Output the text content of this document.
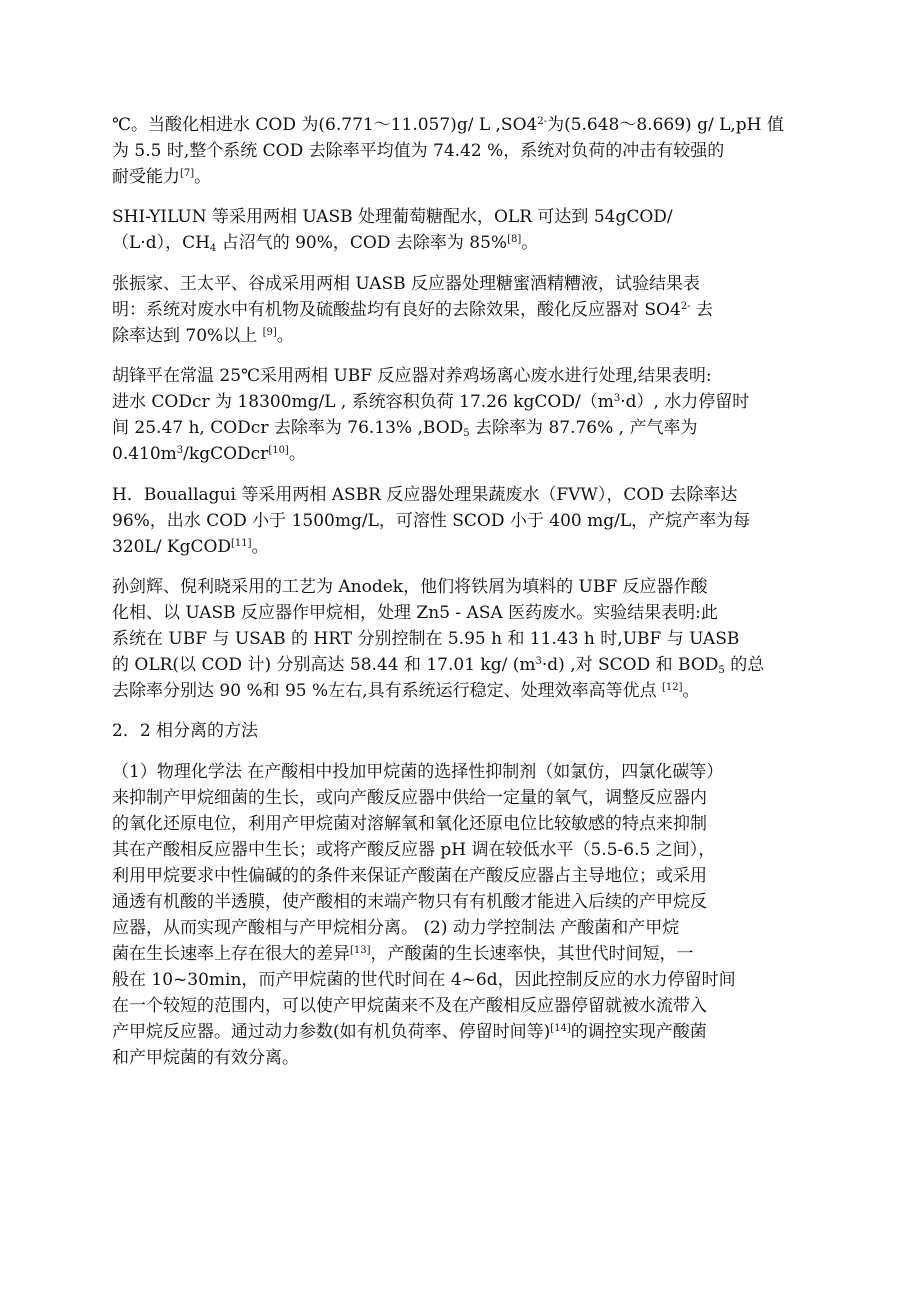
℃。当酸化相进水 COD 为(6.771～11.057)g/ L $,SO4^{2-}$为(5.648～8.669) g/ L,pH 值
为 5.5 时,整个系统 COD 去除率平均值为 74.42 %，系统对负荷的冲击有较强的
耐受能力[7]。
SHI-YILUN 等采用两相 UASB 处理葡萄糖配水，OLR 可达到 54gCOD/
（L·d），$CH_4$ 占沼气的 90%，COD 去除率为 85%[8]。
张振家、王太平、谷成采用两相 UASB 反应器处理糖蜜酒精糟液，试验结果表
明：系统对废水中有机物及硫酸盐均有良好的去除效果，酸化反应器对 $SO4^{2-}$ 去
除率达到 70%以上 [9]。
胡锋平在常温 25℃采用两相 UBF 反应器对养鸡场离心废水进行处理,结果表明:
进水 CODcr 为 18300mg/L , 系统容积负荷 17.26 kgCOD/$(m^3\cdot d)$, 水力停留时
间 25.47 h, CODcr 去除率为 76.13% $,BOD_5$ 去除率为 87.76% , 产气率为
$0.410m^3/kgCODcr[10]$。
H．Bouallagui 等采用两相 ASBR 反应器处理果蔬废水（FVW），COD 去除率达
96%，出水 COD 小于 1500mg/L，可溶性 SCOD 小于 400 mg/L，产烷产率为每
320L/ KgCOD[11]。
孙剑辉、倪利晓采用的工艺为 Anodek，他们将铁屑为填料的 UBF 反应器作酸
化相、以 UASB 反应器作甲烷相，处理 Zn5 - ASA 医药废水。实验结果表明:此
系统在 UBF 与 USAB 的 HRT 分别控制在 5.95 h 和 11.43 h 时,UBF 与 UASB
的 OLR(以 COD 计) 分别高达 58.44 和 17.01 kg/ $(m^3\cdot d)$ ,对 SCOD 和 $BOD_5$ 的总
去除率分别达 90 %和 95 %左右,具有系统运行稳定、处理效率高等优点 [12]。
2．2 相分离的方法
（1）物理化学法 在产酸相中投加甲烷菌的选择性抑制剂（如氯仿，四氯化碳等）
来抑制产甲烷细菌的生长，或向产酸反应器中供给一定量的氧气，调整反应器内
的氧化还原电位，利用产甲烷菌对溶解氧和氧化还原电位比较敏感的特点来抑制
其在产酸相反应器中生长；或将产酸反应器 pH 调在较低水平（5.5-6.5 之间），
利用甲烷要求中性偏碱的的条件来保证产酸菌在产酸反应器占主导地位；或采用
通透有机酸的半透膜，使产酸相的末端产物只有有机酸才能进入后续的产甲烷反
应器，从而实现产酸相与产甲烷相分离。 (2) 动力学控制法 产酸菌和产甲烷
菌在生长速率上存在很大的差异[13]，产酸菌的生长速率快，其世代时间短，一
般在 10~30min，而产甲烷菌的世代时间在 4~6d，因此控制反应的水力停留时间
在一个较短的范围内，可以使产甲烷菌来不及在产酸相反应器停留就被水流带入
产甲烷反应器。通过动力参数(如有机负荷率、停留时间等)[14]的调控实现产酸菌
和产甲烷菌的有效分离。
